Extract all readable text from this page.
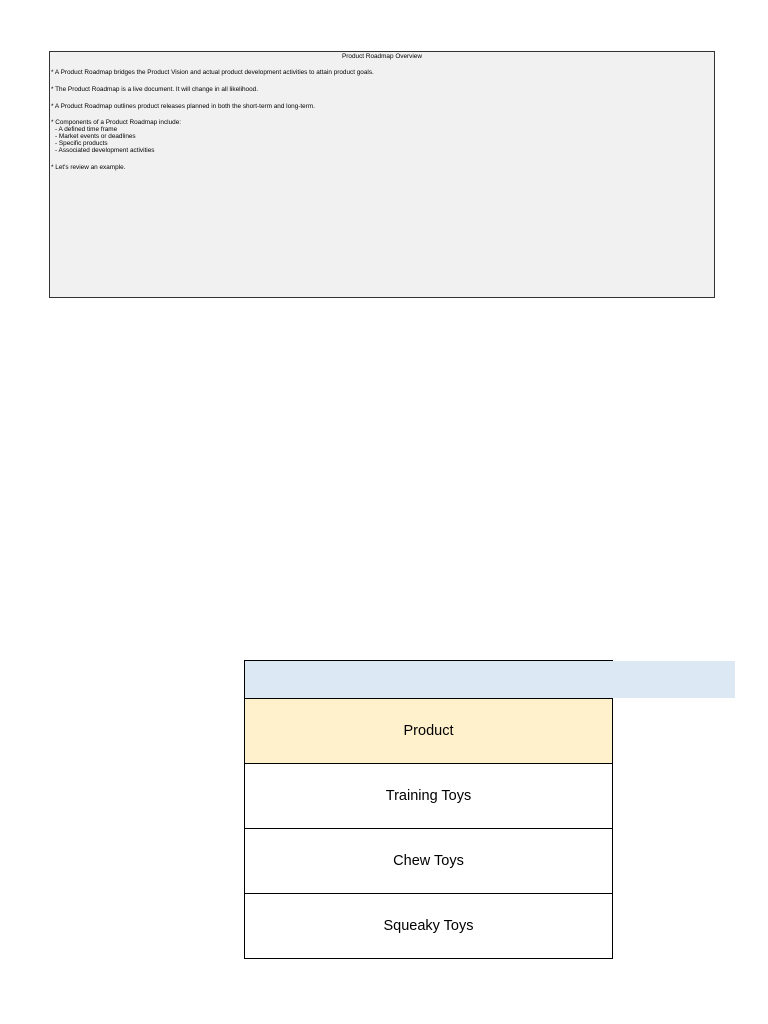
Product Roadmap Overview
* A Product Roadmap bridges the Product Vision and actual product development activities to attain product goals.
* The Product Roadmap is a live document. It will change in all likelihood.
* A Product Roadmap outlines product releases planned in both the short-term and long-term.
* Components of a Product Roadmap include:
- A defined time frame
- Market events or deadlines
- Specific products
- Associated development activities
* Let's review an example.
Product
Training Toys
Chew Toys
Squeaky Toys
